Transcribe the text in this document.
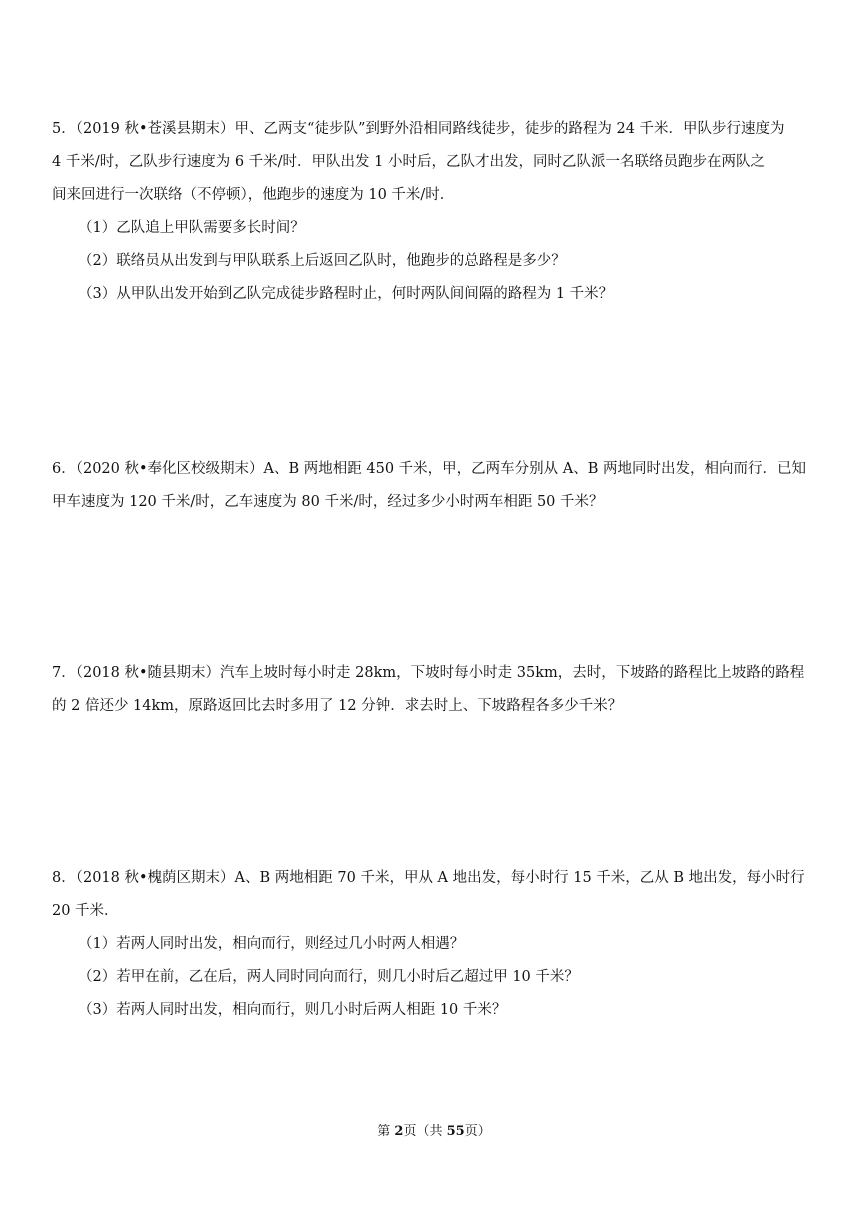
5．（2019 秋•苍溪县期末）甲、乙两支“徒步队”到野外沿相同路线徒步，徒步的路程为 24 千米．甲队步行速度为

4 千米/时，乙队步行速度为 6 千米/时．甲队出发 1 小时后，乙队才出发，同时乙队派一名联络员跑步在两队之

间来回进行一次联络（不停顿），他跑步的速度为 10 千米/时．

（1）乙队追上甲队需要多长时间？

（2）联络员从出发到与甲队联系上后返回乙队时，他跑步的总路程是多少？

（3）从甲队出发开始到乙队完成徒步路程时止，何时两队间间隔的路程为 1 千米？

6．（2020 秋•奉化区校级期末）A、B 两地相距 450 千米，甲，乙两车分别从 A、B 两地同时出发，相向而行．已知

甲车速度为 120 千米/时，乙车速度为 80 千米/时，经过多少小时两车相距 50 千米？

7．（2018 秋•随县期末）汽车上坡时每小时走 28km，下坡时每小时走 35km，去时，下坡路的路程比上坡路的路程

的 2 倍还少 14km，原路返回比去时多用了 12 分钟．求去时上、下坡路程各多少千米？

8．（2018 秋•槐荫区期末）A、B 两地相距 70 千米，甲从 A 地出发，每小时行 15 千米，乙从 B 地出发，每小时行

20 千米．

（1）若两人同时出发，相向而行，则经过几小时两人相遇？

（2）若甲在前，乙在后，两人同时同向而行，则几小时后乙超过甲 10 千米？

（3）若两人同时出发，相向而行，则几小时后两人相距 10 千米？

第 2页（共 55页）
